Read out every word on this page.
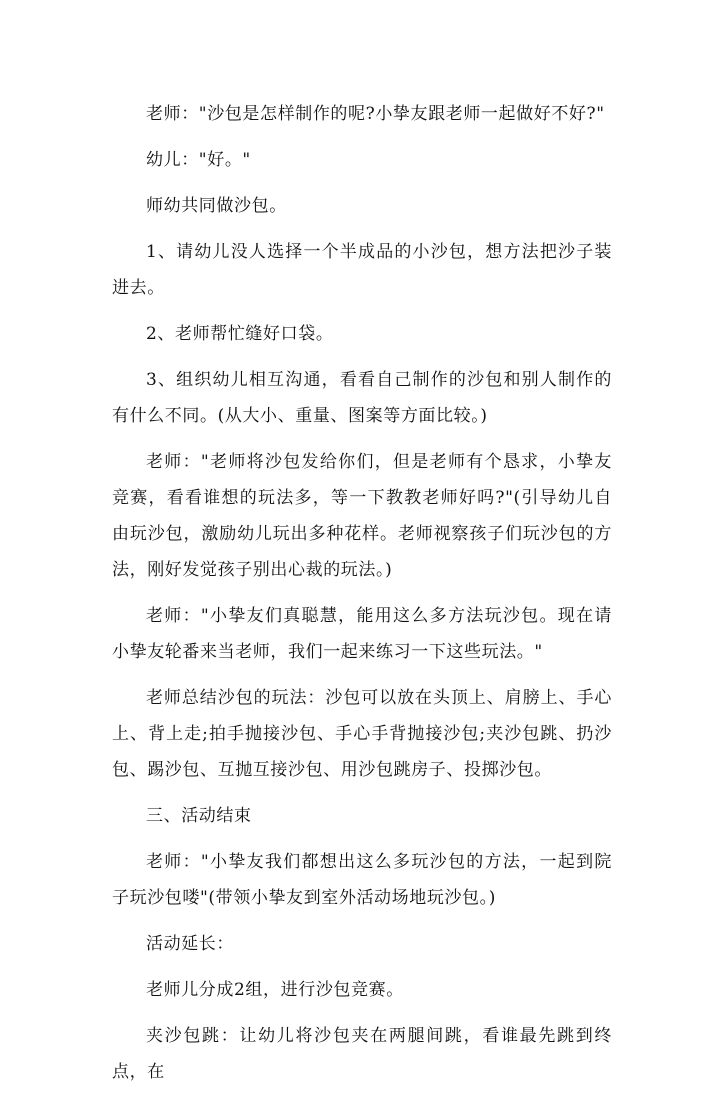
老师："沙包是怎样制作的呢?小挚友跟老师一起做好不好?"

幼儿："好。"

师幼共同做沙包。

1、请幼儿没人选择一个半成品的小沙包，想方法把沙子装进去。

2、老师帮忙缝好口袋。

3、组织幼儿相互沟通，看看自己制作的沙包和别人制作的有什么不同。(从大小、重量、图案等方面比较。)

老师："老师将沙包发给你们，但是老师有个恳求，小挚友竞赛，看看谁想的玩法多，等一下教教老师好吗?"(引导幼儿自由玩沙包，激励幼儿玩出多种花样。老师视察孩子们玩沙包的方法，刚好发觉孩子别出心裁的玩法。)

老师："小挚友们真聪慧，能用这么多方法玩沙包。现在请小挚友轮番来当老师，我们一起来练习一下这些玩法。"

老师总结沙包的玩法：沙包可以放在头顶上、肩膀上、手心上、背上走;拍手抛接沙包、手心手背抛接沙包;夹沙包跳、扔沙包、踢沙包、互抛互接沙包、用沙包跳房子、投掷沙包。

三、活动结束

老师："小挚友我们都想出这么多玩沙包的方法，一起到院子玩沙包喽"(带领小挚友到室外活动场地玩沙包。)

活动延长：

老师儿分成2组，进行沙包竞赛。

夹沙包跳：让幼儿将沙包夹在两腿间跳，看谁最先跳到终点，在
